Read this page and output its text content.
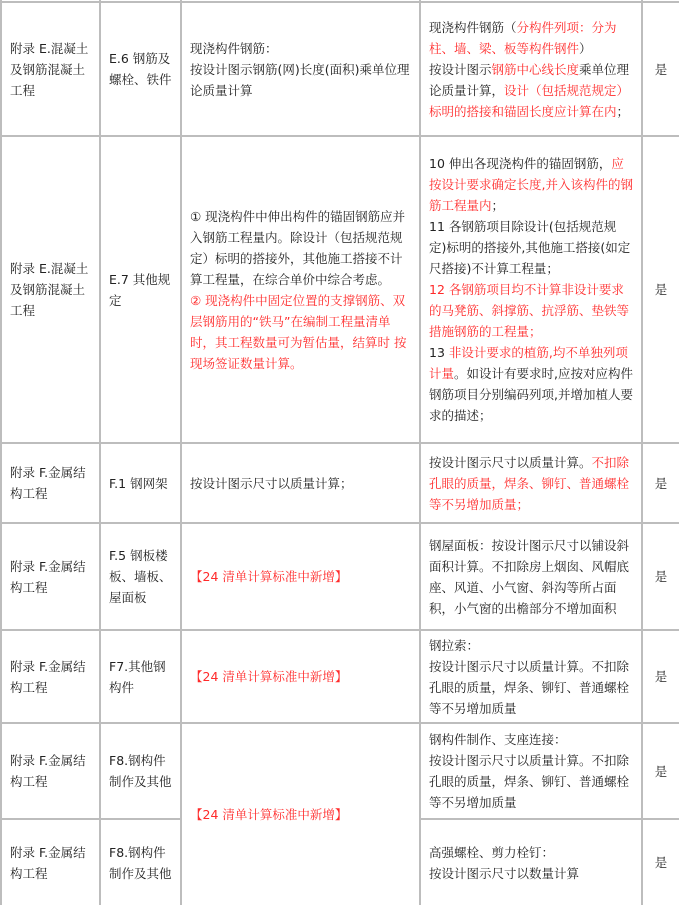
附录 E.混凝土及钢筋混凝土工程
E.6 钢筋及螺栓、铁件
现浇构件钢筋：
按设计图示钢筋(网)长度(面积)乘单位理论质量计算
现浇构件钢筋（分构件列项：分为柱、墙、梁、板等构件钢件）
按设计图示钢筋中心线长度乘单位理论质量计算，设计（包括规范规定）标明的搭接和锚固长度应计算在内；
是
附录 E.混凝土及钢筋混凝土工程
E.7 其他规定
① 现浇构件中伸出构件的锚固钢筋应并入钢筋工程量内。除设计（包括规范规定）标明的搭接外，其他施工搭接不计算工程量，在综合单价中综合考虑。
② 现浇构件中固定位置的支撑钢筋、双层钢筋用的“铁马”在编制工程量清单时，其工程数量可为暂估量，结算时 按现场签证数量计算。
10 伸出各现浇构件的锚固钢筋，应按设计要求确定长度,并入该构件的钢筋工程量内；
11 各钢筋项目除设计(包括规范规定)标明的搭接外,其他施工搭接(如定尺搭接)不计算工程量；
12 各钢筋项目均不计算非设计要求的马凳筋、斜撑筋、抗浮筋、垫铁等措施钢筋的工程量；
13 非设计要求的植筋,均不单独列项计量。如设计有要求时,应按对应构件钢筋项目分别编码列项,并增加植人要求的描述；
是
附录 F.金属结构工程
F.1 钢网架	按设计图示尺寸以质量计算；
按设计图示尺寸以质量计算。不扣除孔眼的质量，焊条、铆钉、普通螺栓等不另增加质量；
是
附录 F.金属结构工程
F.5 钢板楼板、墙板、屋面板
【24 清单计算标准中新增】
钢屋面板：按设计图示尺寸以铺设斜面积计算。不扣除房上烟囱、风帽底座、风道、小气窗、斜沟等所占面积，小气窗的出檐部分不增加面积
是
附录 F.金属结构工程
F7.其他钢构件
【24 清单计算标准中新增】
钢拉索：
按设计图示尺寸以质量计算。不扣除孔眼的质量，焊条、铆钉、普通螺栓等不另增加质量
是
附录 F.金属结构工程
F8.钢构件制作及其他
【24 清单计算标准中新增】
钢构件制作、支座连接：
按设计图示尺寸以质量计算。不扣除孔眼的质量，焊条、铆钉、普通螺栓等不另增加质量
是
附录 F.金属结构工程
F8.钢构件制作及其他
高强螺栓、剪力栓钉：
按设计图示尺寸以数量计算
是
